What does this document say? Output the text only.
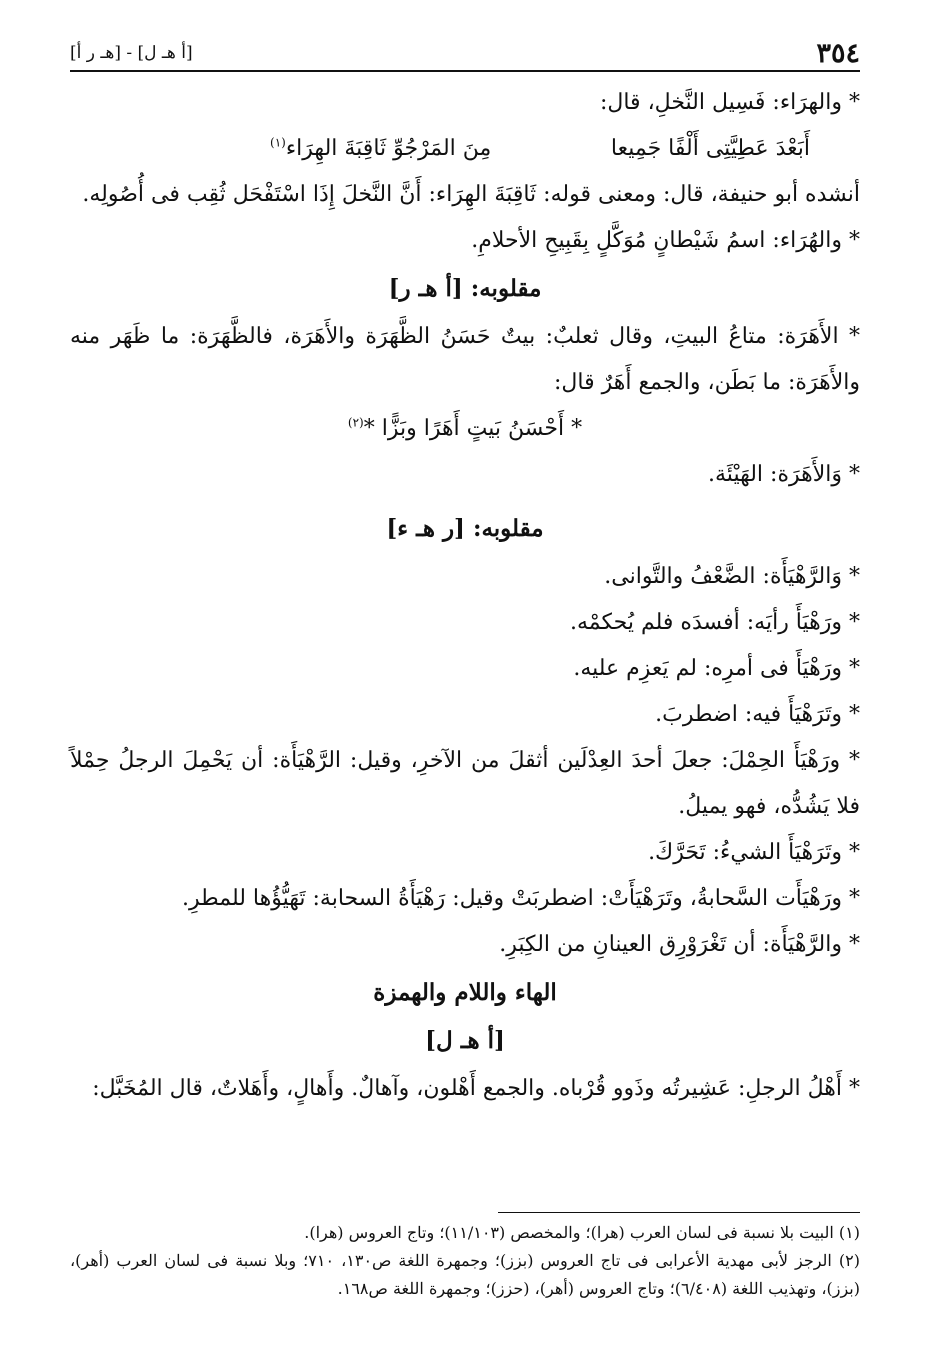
[هـ ر أ] - [أ هـ ل]	٣٥٤

* والهرَاء: فَسِيل النَّخلِ، قال:

أَبَعْدَ عَطِيَّتِى أَلْفًا جَمِيعا
مِنَ المَرْجُوِّ ثَاقِبَةَ الهِرَاء$^{(١)}$

أنشده أبو حنيفة، قال: ومعنى قوله: ثَاقِبَةَ الهِرَاء: أَنَّ النَّخلَ إِذَا اسْتَفْحَل ثُقِب فى أُصُولِه.

* والهُرَاء: اسمُ شَيْطانٍ مُوَكَّلٍ بِقَبِيحِ الأحلامِ.

مقلوبه: [أ هـ ر]

* الأَهَرَة: متاعُ البيتِ، وقال ثعلبٌ: بيتٌ حَسَنُ الظَّهَرَة والأَهَرَة، فالظَّهَرَة: ما ظَهَر منه والأَهَرَة: ما بَطَن، والجمع أَهَرٌ قال:

* أَحْسَنُ بَيتٍ أَهَرًا وبَزًّا *$^{(٢)}$

* وَالأَهَرَة: الهَيْئَة.

مقلوبه: [ر هـ ء]

* وَالرَّهْيَأَة: الضَّعْفُ والتَّوانى.

* ورَهْيَأَ رأيَه: أفسدَه فلم يُحكمْه.

* ورَهْيَأَ فى أمرِه: لم يَعزِم عليه.

* وتَرَهْيَأَ فيه: اضطربَ.

* ورَهْيَأَ الحِمْلَ: جعلَ أحدَ العِدْلَين أثقلَ من الآخرِ، وقيل: الرَّهْيَأَة: أن يَحْمِلَ الرجلُ حِمْلاً فلا يَشُدُّه، فهو يميلُ.

* وتَرَهْيَأَ الشيءُ: تَحَرَّكَ.

* ورَهْيَأَت السَّحابةُ، وتَرَهْيَأَتْ: اضطربَتْ وقيل: رَهْيَأَةُ السحابة: تَهَيُّؤُها للمطرِ.

* والرَّهْيَأَة: أن تَغْرَوْرِق العينانِ من الكِبَرِ.

الهاء واللام والهمزة

[أ هـ ل]

* أَهْلُ الرجلِ: عَشِيرتُه وذَوو قُرْباه. والجمع أَهْلون، وآهالٌ. وأَهالٍ، وأَهَلاتٌ، قال المُخَبَّل:

(١) البيت بلا نسبة فى لسان العرب (هرا)؛ والمخصص (١١/١٠٣)؛ وتاج العروس (هرا).

(٢) الرجز لأبى مهدية الأعرابى فى تاج العروس (بزز)؛ وجمهرة اللغة ص١٣٠، ٧١٠؛ وبلا نسبة فى لسان العرب (أهر)، (بزز)، وتهذيب اللغة (٦/٤٠٨)؛ وتاج العروس (أهر)، (حزز)؛ وجمهرة اللغة ص١٦٨.
